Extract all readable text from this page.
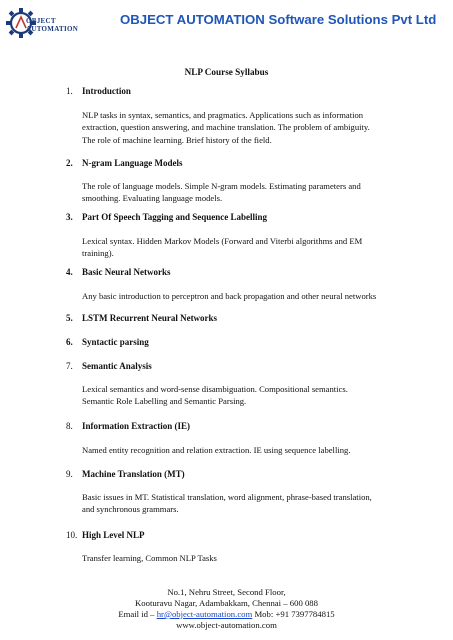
OBJECT
AUTOMATION
OBJECT AUTOMATION Software Solutions Pvt Ltd
NLP Course Syllabus
1. Introduction
NLP tasks in syntax, semantics, and pragmatics. Applications such as information
extraction, question answering, and machine translation. The problem of ambiguity.
The role of machine learning. Brief history of the field.
2. N-gram Language Models
The role of language models. Simple N-gram models. Estimating parameters and
smoothing. Evaluating language models.
3. Part Of Speech Tagging and Sequence Labelling
Lexical syntax. Hidden Markov Models (Forward and Viterbi algorithms and EM
training).
4. Basic Neural Networks
Any basic introduction to perceptron and back propagation and other neural networks
5. LSTM Recurrent Neural Networks
6. Syntactic parsing
7. Semantic Analysis
Lexical semantics and word-sense disambiguation. Compositional semantics.
Semantic Role Labelling and Semantic Parsing.
8. Information Extraction (IE)
Named entity recognition and relation extraction. IE using sequence labelling.
9. Machine Translation (MT)
Basic issues in MT. Statistical translation, word alignment, phrase-based translation,
and synchronous grammars.
10. High Level NLP
Transfer learning, Common NLP Tasks
No.1, Nehru Street, Second Floor,
Kooturavu Nagar, Adambakkam, Chennai – 600 088
Email id – hr@object-automation.com Mob: +91 7397784815
www.object-automation.com
